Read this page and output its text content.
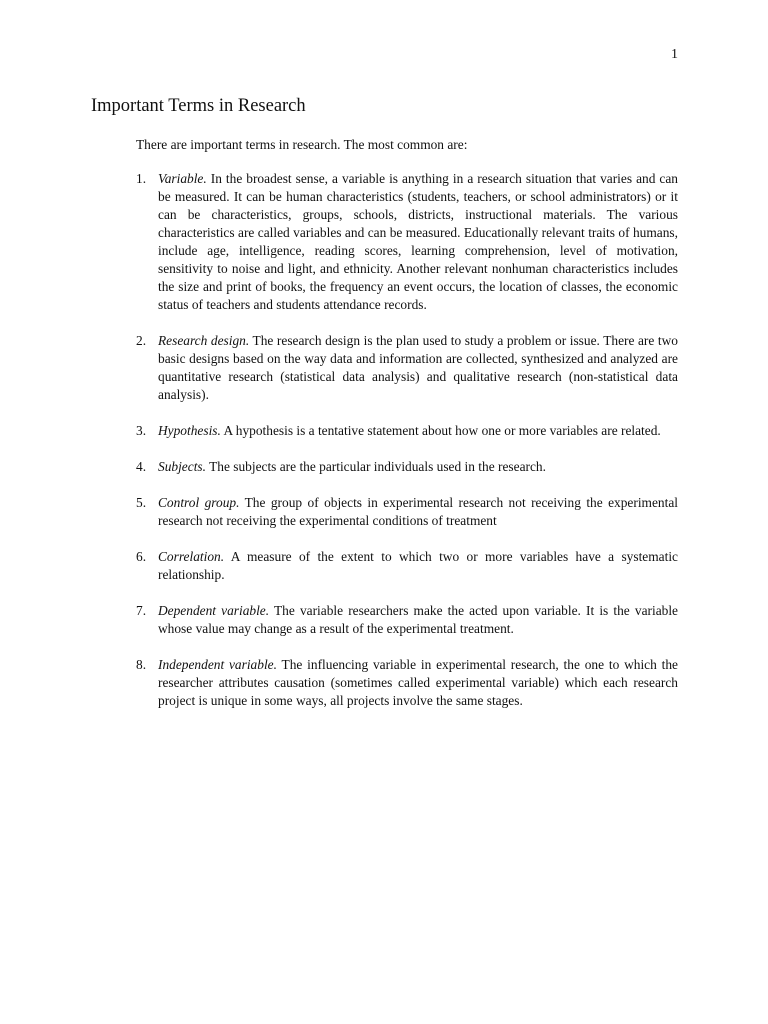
1
Important Terms in Research

There are important terms in research. The most common are:

1. Variable. In the broadest sense, a variable is anything in a research situation that varies and can be measured. It can be human characteristics (students, teachers, or school administrators) or it can be characteristics, groups, schools, districts, instructional materials. The various characteristics are called variables and can be measured. Educationally relevant traits of humans, include age, intelligence, reading scores, learning comprehension, level of motivation, sensitivity to noise and light, and ethnicity. Another relevant nonhuman characteristics includes the size and print of books, the frequency an event occurs, the location of classes, the economic status of teachers and students attendance records.
2. Research design. The research design is the plan used to study a problem or issue. There are two basic designs based on the way data and information are collected, synthesized and analyzed are quantitative research (statistical data analysis) and qualitative research (non-statistical data analysis).
3. Hypothesis. A hypothesis is a tentative statement about how one or more variables are related.
4. Subjects. The subjects are the particular individuals used in the research.
5. Control group. The group of objects in experimental research not receiving the experimental research not receiving the experimental conditions of treatment
6. Correlation. A measure of the extent to which two or more variables have a systematic relationship.
7. Dependent variable. The variable researchers make the acted upon variable. It is the variable whose value may change as a result of the experimental treatment.
8. Independent variable. The influencing variable in experimental research, the one to which the researcher attributes causation (sometimes called experimental variable) which each research project is unique in some ways, all projects involve the same stages.
